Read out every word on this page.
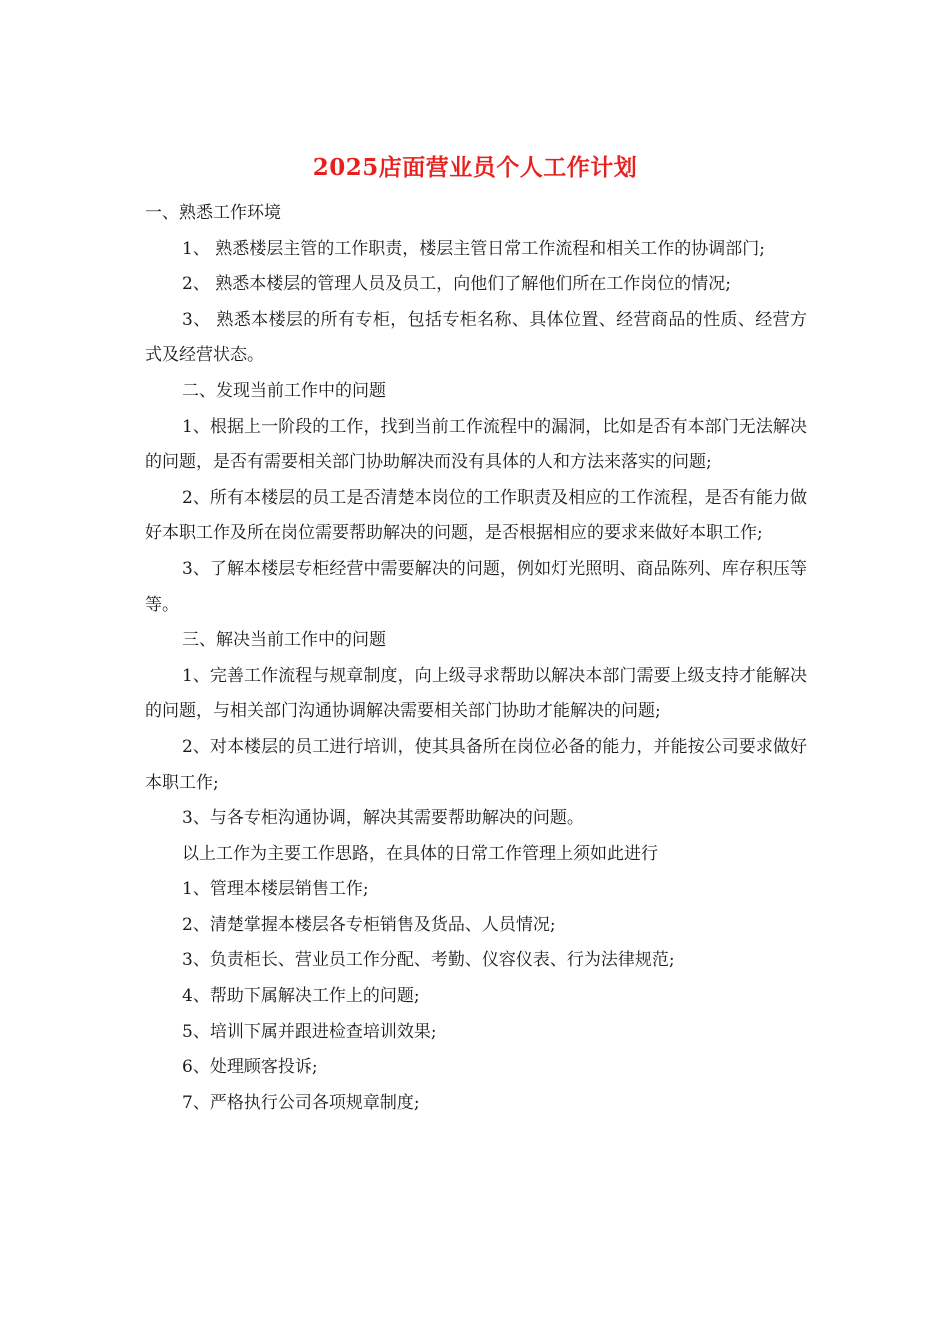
2025店面营业员个人工作计划

一、熟悉工作环境

1、 熟悉楼层主管的工作职责，楼层主管日常工作流程和相关工作的协调部门;

2、 熟悉本楼层的管理人员及员工，向他们了解他们所在工作岗位的情况;

3、 熟悉本楼层的所有专柜，包括专柜名称、具体位置、经营商品的性质、经营方式及经营状态。

二、发现当前工作中的问题

1、根据上一阶段的工作，找到当前工作流程中的漏洞，比如是否有本部门无法解决的问题，是否有需要相关部门协助解决而没有具体的人和方法来落实的问题;

2、所有本楼层的员工是否清楚本岗位的工作职责及相应的工作流程，是否有能力做好本职工作及所在岗位需要帮助解决的问题，是否根据相应的要求来做好本职工作;

3、了解本楼层专柜经营中需要解决的问题，例如灯光照明、商品陈列、库存积压等等。

三、解决当前工作中的问题

1、完善工作流程与规章制度，向上级寻求帮助以解决本部门需要上级支持才能解决的问题，与相关部门沟通协调解决需要相关部门协助才能解决的问题;

2、对本楼层的员工进行培训，使其具备所在岗位必备的能力，并能按公司要求做好本职工作;

3、与各专柜沟通协调，解决其需要帮助解决的问题。

以上工作为主要工作思路，在具体的日常工作管理上须如此进行

1、管理本楼层销售工作;

2、清楚掌握本楼层各专柜销售及货品、人员情况;

3、负责柜长、营业员工作分配、考勤、仪容仪表、行为法律规范;

4、帮助下属解决工作上的问题;

5、培训下属并跟进检查培训效果;

6、处理顾客投诉;

7、严格执行公司各项规章制度;
